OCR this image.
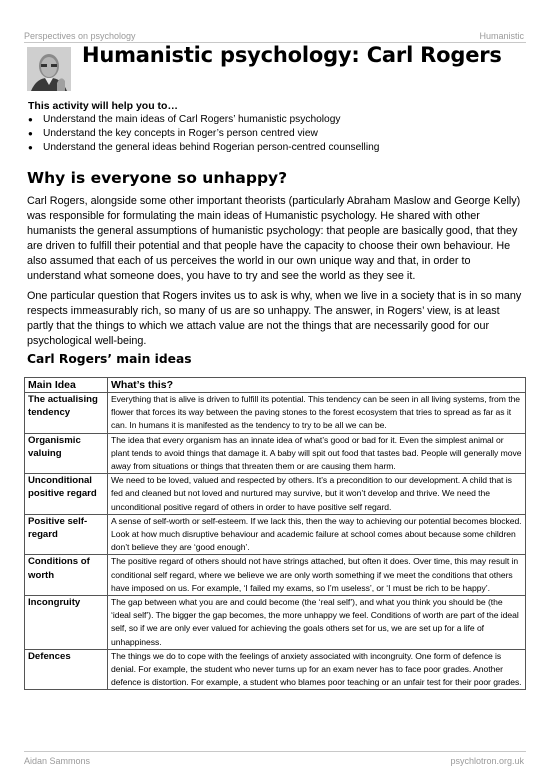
Perspectives on psychology	Humanistic
Humanistic psychology: Carl Rogers
This activity will help you to…
● Understand the main ideas of Carl Rogers’ humanistic psychology
● Understand the key concepts in Roger’s person centred view
● Understand the general ideas behind Rogerian person-centred counselling
Why is everyone so unhappy?

Carl Rogers, alongside some other important theorists (particularly Abraham Maslow and George Kelly) was responsible for formulating the main ideas of Humanistic psychology. He shared with other humanists the general assumptions of humanistic psychology: that people are basically good, that they are driven to fulfill their potential and that people have the capacity to choose their own behaviour. He also assumed that each of us perceives the world in our own unique way and that, in order to understand what someone does, you have to try and see the world as they see it.

One particular question that Rogers invites us to ask is why, when we live in a society that is in so many respects immeasurably rich, so many of us are so unhappy. The answer, in Rogers’ view, is at least partly that the things to which we attach value are not the things that are necessarily good for our psychological well-being.

Carl Rogers’ main ideas
Main Idea	What’s this?
The actualising tendency	Everything that is alive is driven to fulfill its potential. This tendency can be seen in all living systems, from the flower that forces its way between the paving stones to the forest ecosystem that tries to spread as far as it can. In humans it is manifested as the tendency to try to be all we can be.
Organismic valuing	The idea that every organism has an innate idea of what’s good or bad for it. Even the simplest animal or plant tends to avoid things that damage it. A baby will spit out food that tastes bad. People will generally move away from situations or things that threaten them or are causing them harm.
Unconditional positive regard	We need to be loved, valued and respected by others. It’s a precondition to our development. A child that is fed and cleaned but not loved and nurtured may survive, but it won’t develop and thrive. We need the unconditional positive regard of others in order to have positive self regard.
Positive self-regard	A sense of self-worth or self-esteem. If we lack this, then the way to achieving our potential becomes blocked. Look at how much disruptive behaviour and academic failure at school comes about because some children don’t believe they are ‘good enough’.
Conditions of worth	The positive regard of others should not have strings attached, but often it does. Over time, this may result in conditional self regard, where we believe we are only worth something if we meet the conditions that others have imposed on us. For example, ‘I failed my exams, so I’m useless’, or ‘I must be rich to be happy’.
Incongruity	The gap between what you are and could become (the ‘real self’), and what you think you should be (the ‘ideal self’). The bigger the gap becomes, the more unhappy we feel. Conditions of worth are part of the ideal self, so if we are only ever valued for achieving the goals others set for us, we are set up for a life of unhappiness.
Defences	The things we do to cope with the feelings of anxiety associated with incongruity. One form of defence is denial. For example, the student who never turns up for an exam never has to face poor grades. Another defence is distortion. For example, a student who blames poor teaching or an unfair test for their poor grades.
Aidan Sammons	psychlotron.org.uk
